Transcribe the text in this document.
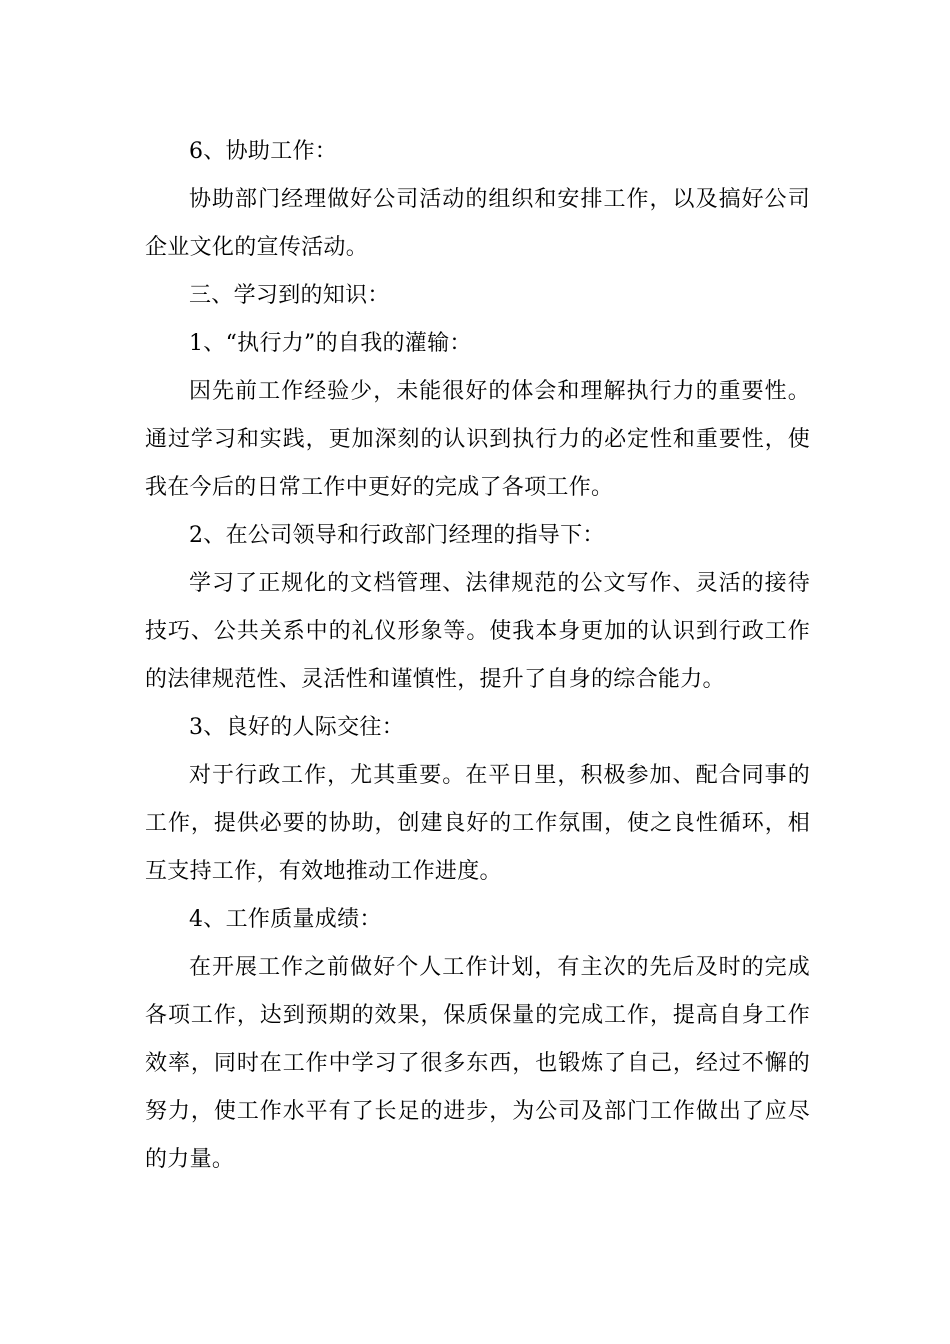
6、协助工作：

协助部门经理做好公司活动的组织和安排工作，以及搞好公司企业文化的宣传活动。

三、学习到的知识：

1、“执行力”的自我的灌输：

因先前工作经验少，未能很好的体会和理解执行力的重要性。通过学习和实践，更加深刻的认识到执行力的必定性和重要性，使我在今后的日常工作中更好的完成了各项工作。

2、在公司领导和行政部门经理的指导下：

学习了正规化的文档管理、法律规范的公文写作、灵活的接待技巧、公共关系中的礼仪形象等。使我本身更加的认识到行政工作的法律规范性、灵活性和谨慎性，提升了自身的综合能力。

3、良好的人际交往：

对于行政工作，尤其重要。在平日里，积极参加、配合同事的工作，提供必要的协助，创建良好的工作氛围，使之良性循环，相互支持工作，有效地推动工作进度。

4、工作质量成绩：

在开展工作之前做好个人工作计划，有主次的先后及时的完成各项工作，达到预期的效果，保质保量的完成工作，提高自身工作效率，同时在工作中学习了很多东西，也锻炼了自己，经过不懈的努力，使工作水平有了长足的进步，为公司及部门工作做出了应尽的力量。
